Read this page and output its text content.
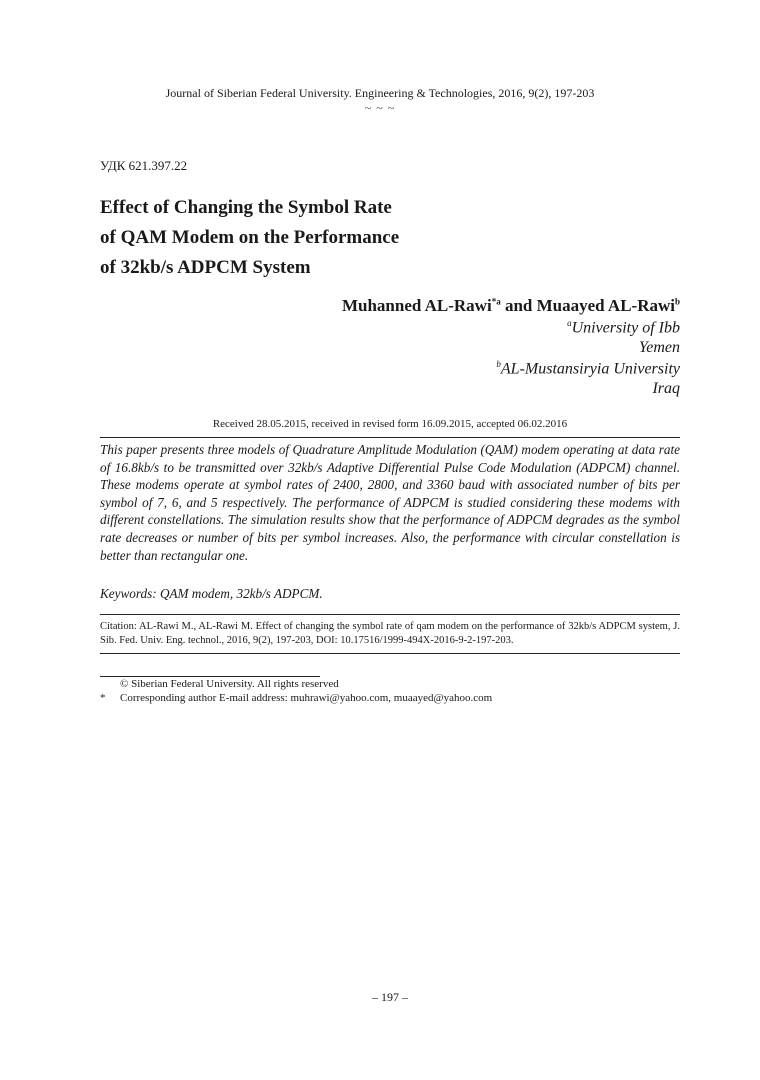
Journal of Siberian Federal University. Engineering & Technologies, 2016, 9(2), 197-203
~ ~ ~
УДК 621.397.22
Effect of Changing the Symbol Rate
of QAM Modem on the Performance
of 32kb/s ADPCM System
Muhanned AL-Rawi$^{*a}$ and Muaayed AL-Rawi$^b$
$^a$University of Ibb
Yemen
$^b$AL-Mustansiryia University
Iraq
Received 28.05.2015, received in revised form 16.09.2015, accepted 06.02.2016
This paper presents three models of Quadrature Amplitude Modulation (QAM) modem operating at data rate of 16.8kb/s to be transmitted over 32kb/s Adaptive Differential Pulse Code Modulation (ADPCM) channel. These modems operate at symbol rates of 2400, 2800, and 3360 baud with associated number of bits per symbol of 7, 6, and 5 respectively. The performance of ADPCM is studied considering these modems with different constellations. The simulation results show that the performance of ADPCM degrades as the symbol rate decreases or number of bits per symbol increases. Also, the performance with circular constellation is better than rectangular one.
Keywords: QAM modem, 32kb/s ADPCM.
Citation: AL-Rawi M., AL-Rawi M. Effect of changing the symbol rate of qam modem on the performance of 32kb/s ADPCM system, J. Sib. Fed. Univ. Eng. technol., 2016, 9(2), 197-203, DOI: 10.17516/1999-494X-2016-9-2-197-203.
© Siberian Federal University. All rights reserved
* Corresponding author E-mail address: muhrawi@yahoo.com, muaayed@yahoo.com
– 197 –
